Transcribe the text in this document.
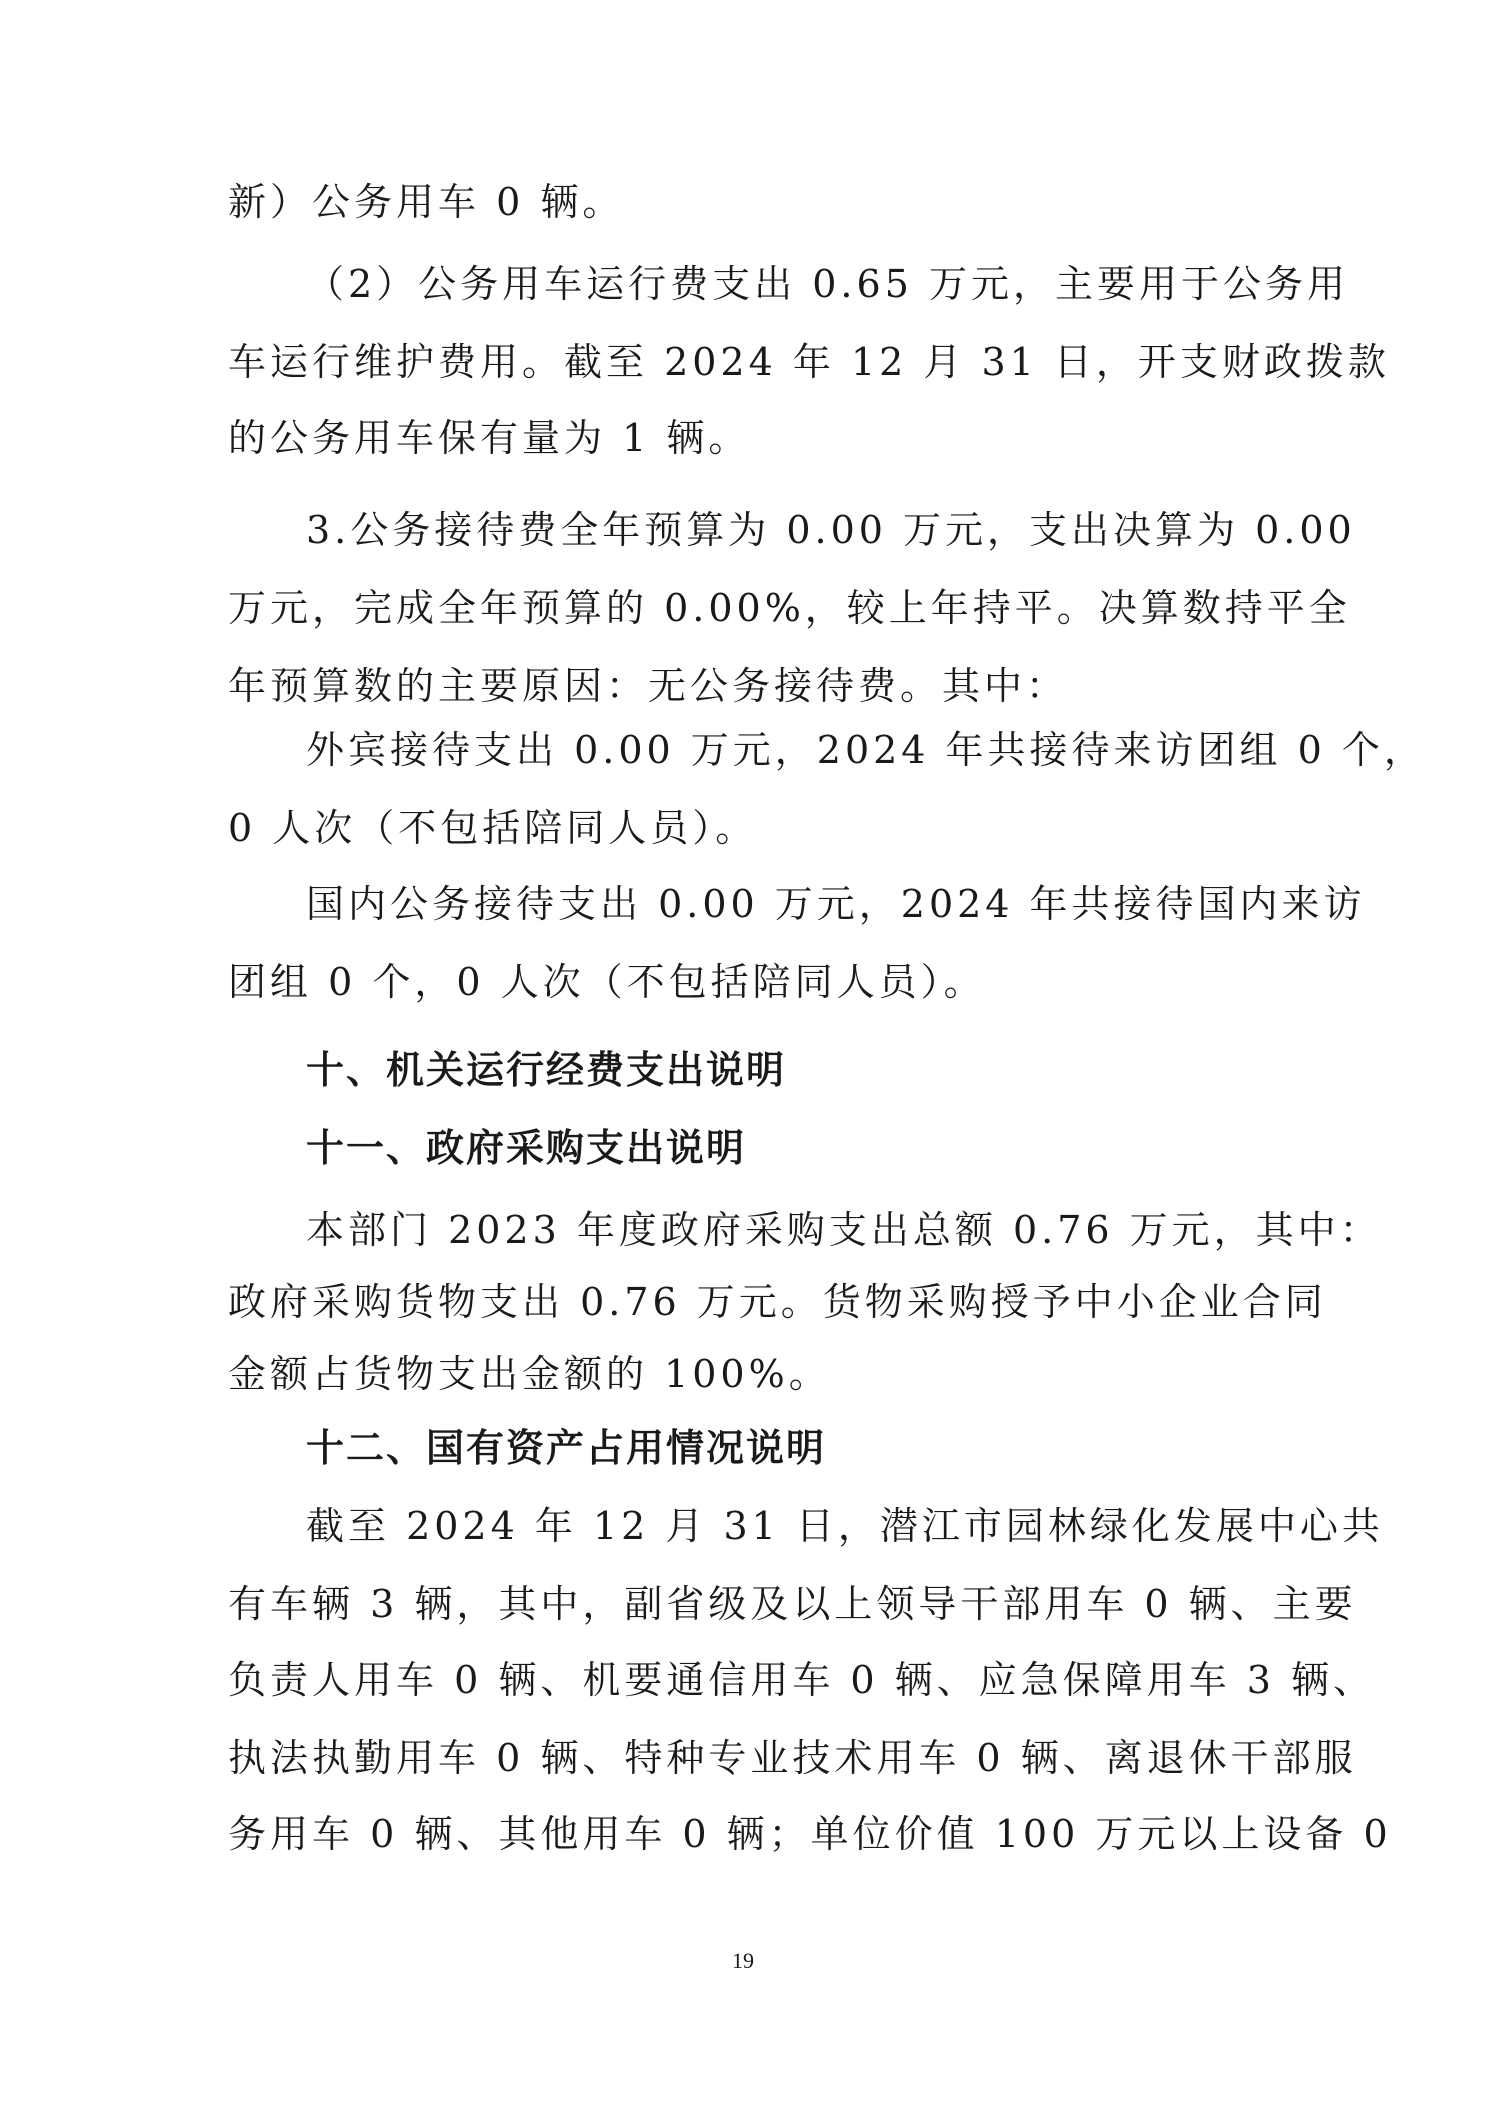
新）公务用车 0 辆。
（2）公务用车运行费支出 0.65 万元，主要用于公务用
车运行维护费用。截至 2024 年 12 月 31 日，开支财政拨款
的公务用车保有量为 1 辆。
3.公务接待费全年预算为 0.00 万元，支出决算为 0.00
万元，完成全年预算的 0.00%，较上年持平。决算数持平全
年预算数的主要原因：无公务接待费。其中：
外宾接待支出 0.00 万元，2024 年共接待来访团组 0 个，
0 人次（不包括陪同人员）。
国内公务接待支出 0.00 万元，2024 年共接待国内来访
团组 0 个，0 人次（不包括陪同人员）。
十、机关运行经费支出说明
十一、政府采购支出说明
本部门 2023 年度政府采购支出总额 0.76 万元，其中：
政府采购货物支出 0.76 万元。货物采购授予中小企业合同
金额占货物支出金额的 100%。
十二、国有资产占用情况说明
截至 2024 年 12 月 31 日，潜江市园林绿化发展中心共
有车辆 3 辆，其中，副省级及以上领导干部用车 0 辆、主要
负责人用车 0 辆、机要通信用车 0 辆、应急保障用车 3 辆、
执法执勤用车 0 辆、特种专业技术用车 0 辆、离退休干部服
务用车 0 辆、其他用车 0 辆；单位价值 100 万元以上设备 0
19
